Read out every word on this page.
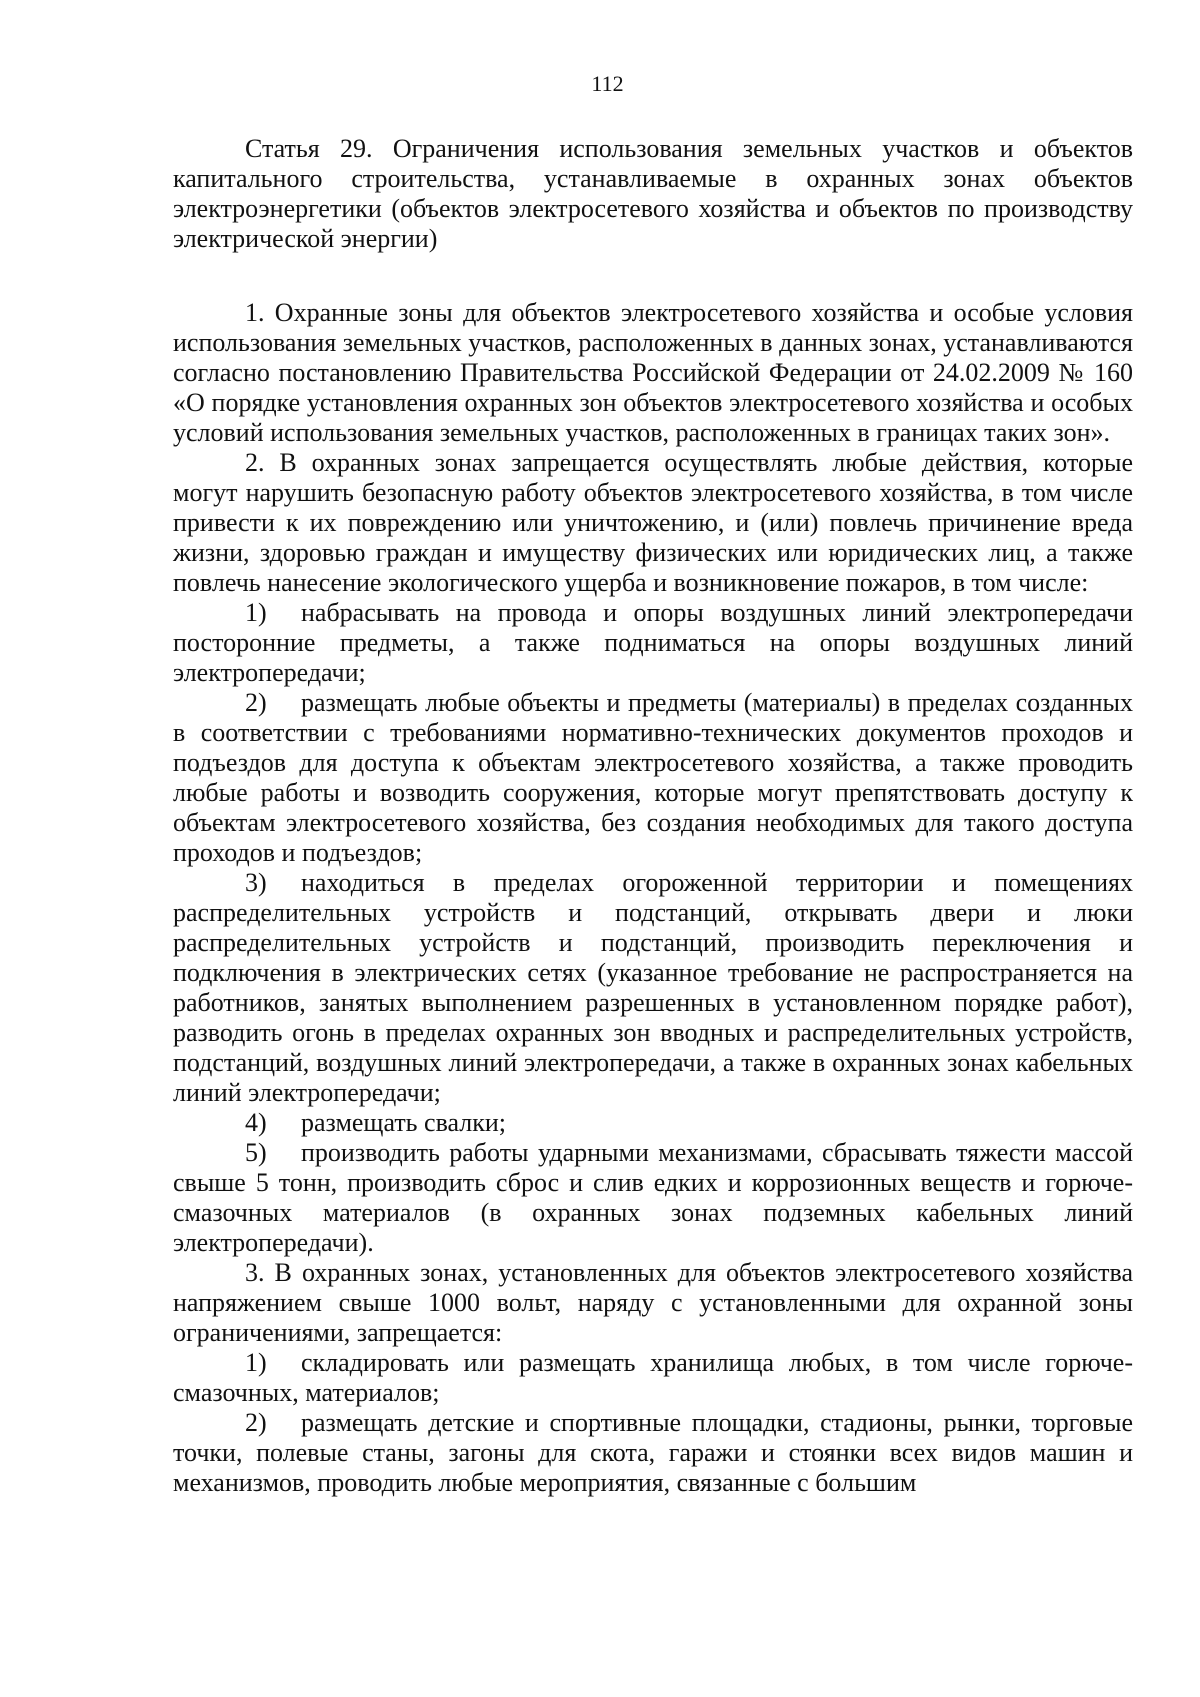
112

Статья 29. Ограничения использования земельных участков и объектов капитального строительства, устанавливаемые в охранных зонах объектов электроэнергетики (объектов электросетевого хозяйства и объектов по производству электрической энергии)

1. Охранные зоны для объектов электросетевого хозяйства и особые условия использования земельных участков, расположенных в данных зонах, устанавливаются согласно постановлению Правительства Российской Федерации от 24.02.2009 № 160 «О порядке установления охранных зон объектов электросетевого хозяйства и особых условий использования земельных участков, расположенных в границах таких зон».

2. В охранных зонах запрещается осуществлять любые действия, которые могут нарушить безопасную работу объектов электросетевого хозяйства, в том числе привести к их повреждению или уничтожению, и (или) повлечь причинение вреда жизни, здоровью граждан и имуществу физических или юридических лиц, а также повлечь нанесение экологического ущерба и возникновение пожаров, в том числе:

1) набрасывать на провода и опоры воздушных линий электропередачи посторонние предметы, а также подниматься на опоры воздушных линий электропередачи;

2) размещать любые объекты и предметы (материалы) в пределах созданных в соответствии с требованиями нормативно-технических документов проходов и подъездов для доступа к объектам электросетевого хозяйства, а также проводить любые работы и возводить сооружения, которые могут препятствовать доступу к объектам электросетевого хозяйства, без создания необходимых для такого доступа проходов и подъездов;

3) находиться в пределах огороженной территории и помещениях распределительных устройств и подстанций, открывать двери и люки распределительных устройств и подстанций, производить переключения и подключения в электрических сетях (указанное требование не распространяется на работников, занятых выполнением разрешенных в установленном порядке работ), разводить огонь в пределах охранных зон вводных и распределительных устройств, подстанций, воздушных линий электропередачи, а также в охранных зонах кабельных линий электропередачи;

4) размещать свалки;

5) производить работы ударными механизмами, сбрасывать тяжести массой свыше 5 тонн, производить сброс и слив едких и коррозионных веществ и горюче-смазочных материалов (в охранных зонах подземных кабельных линий электропередачи).

3. В охранных зонах, установленных для объектов электросетевого хозяйства напряжением свыше 1000 вольт, наряду с установленными для охранной зоны ограничениями, запрещается:

1) складировать или размещать хранилища любых, в том числе горюче-смазочных, материалов;

2) размещать детские и спортивные площадки, стадионы, рынки, торговые точки, полевые станы, загоны для скота, гаражи и стоянки всех видов машин и механизмов, проводить любые мероприятия, связанные с большим
